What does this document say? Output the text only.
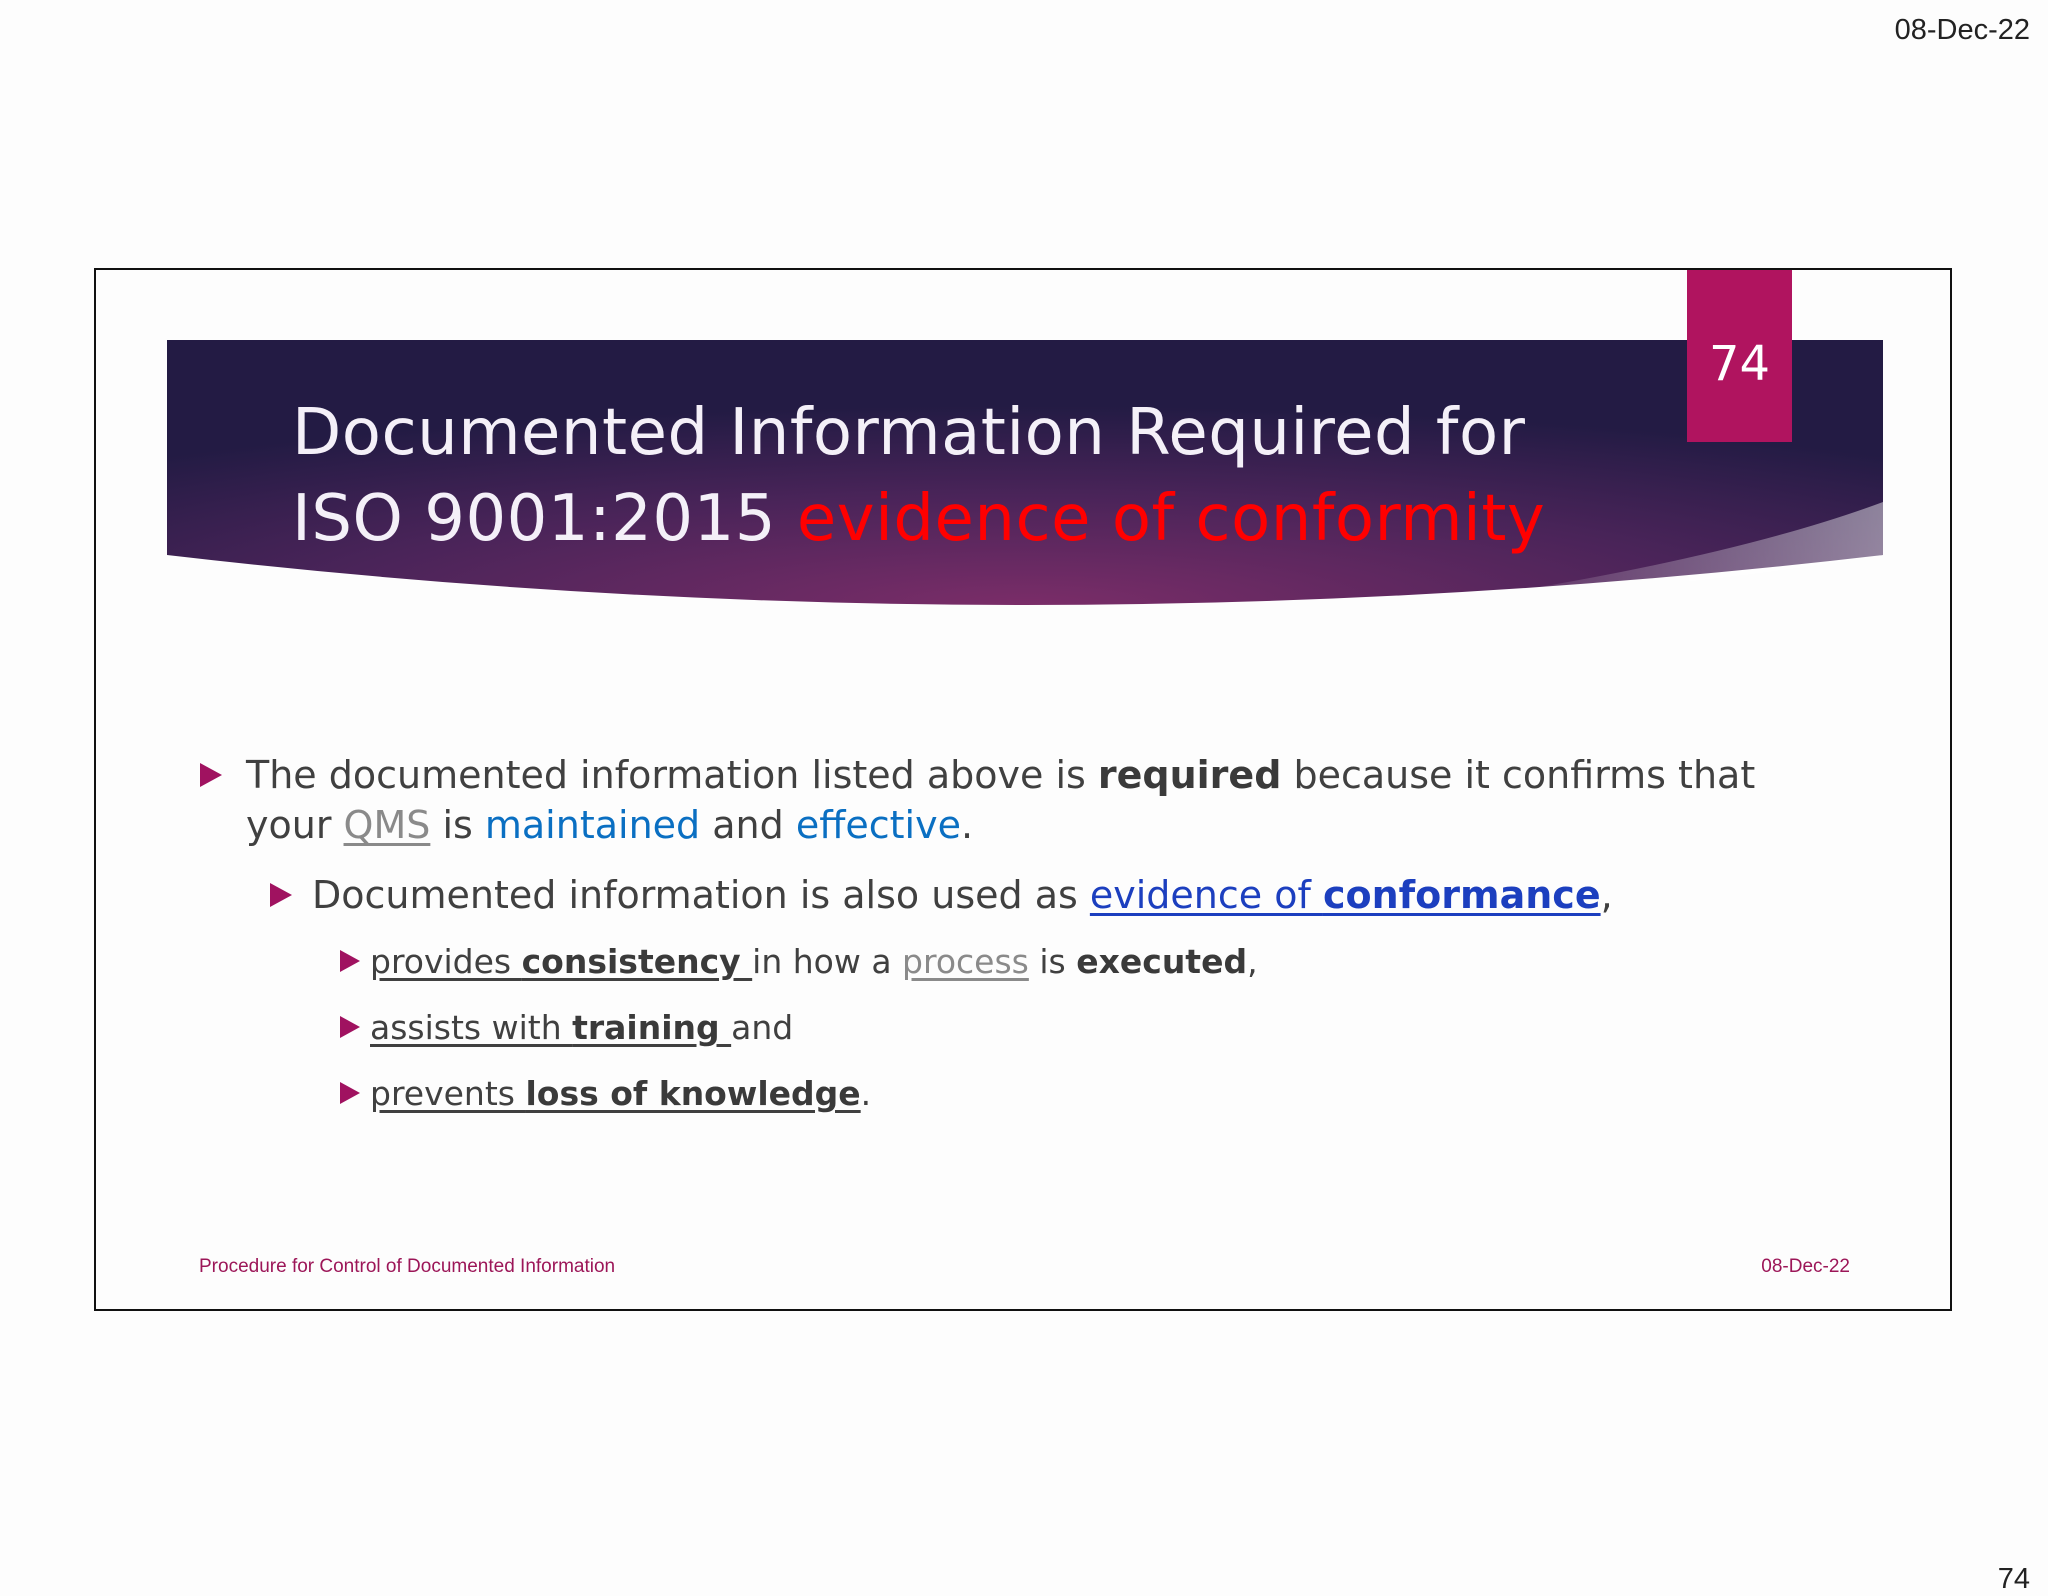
08-Dec-22
Documented Information Required for
ISO 9001:2015 evidence of conformity
74
The documented information listed above is required because it confirms that your QMS is maintained and effective.
Documented information is also used as evidence of conformance,
provides consistency in how a process is executed,
assists with training and
prevents loss of knowledge.
Procedure for Control of Documented Information	08-Dec-22
74
